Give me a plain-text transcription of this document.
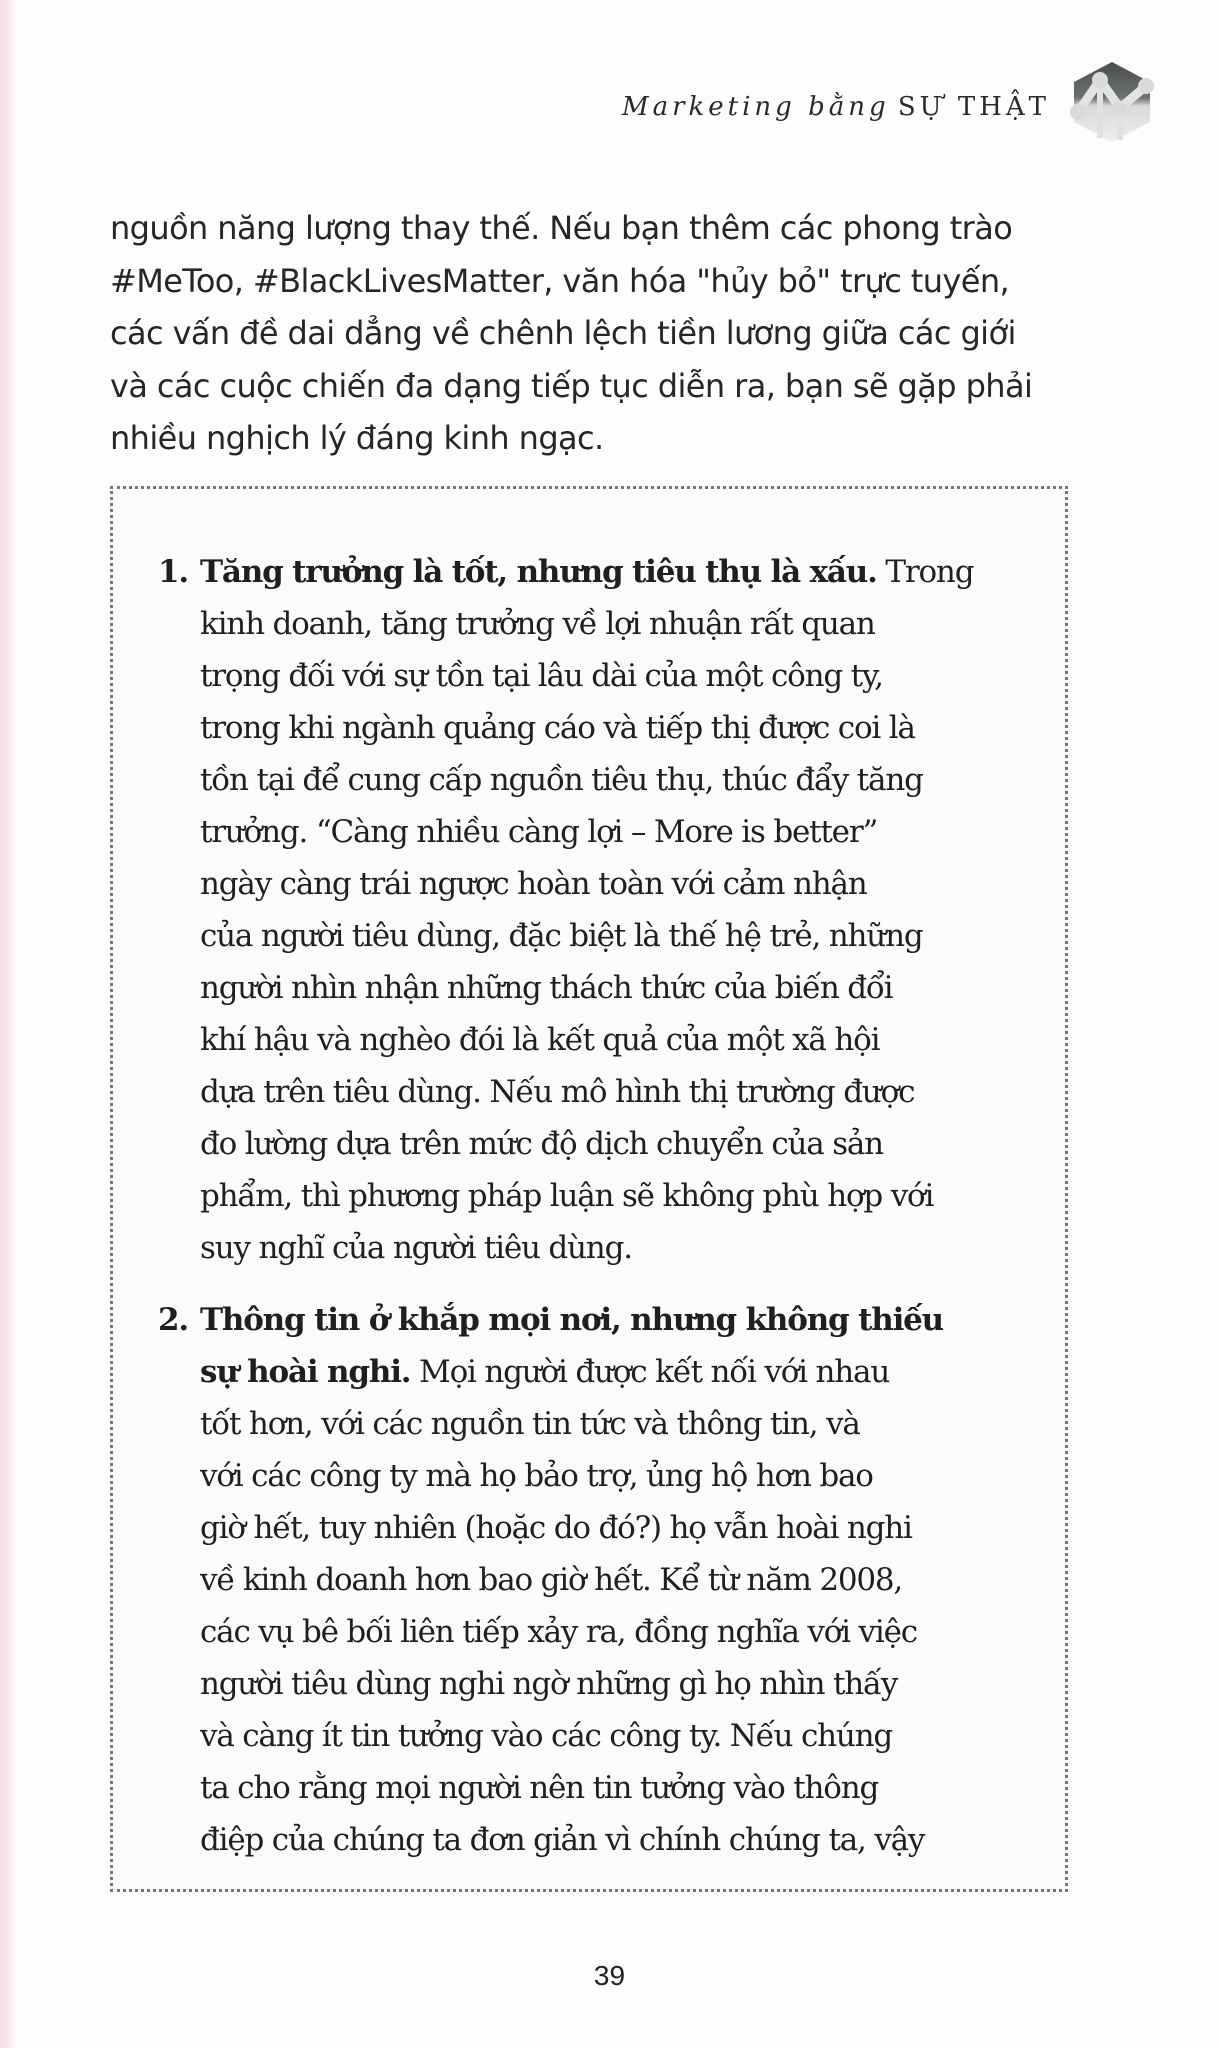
Marketing bằng SỰ THẬT
nguồn năng lượng thay thế. Nếu bạn thêm các phong trào
#MeToo, #BlackLivesMatter, văn hóa "hủy bỏ" trực tuyến,
các vấn đề dai dẳng về chênh lệch tiền lương giữa các giới
và các cuộc chiến đa dạng tiếp tục diễn ra, bạn sẽ gặp phải
nhiều nghịch lý đáng kinh ngạc.
1. Tăng trưởng là tốt, nhưng tiêu thụ là xấu. Trong
kinh doanh, tăng trưởng về lợi nhuận rất quan
trọng đối với sự tồn tại lâu dài của một công ty,
trong khi ngành quảng cáo và tiếp thị được coi là
tồn tại để cung cấp nguồn tiêu thụ, thúc đẩy tăng
trưởng. “Càng nhiều càng lợi – More is better”
ngày càng trái ngược hoàn toàn với cảm nhận
của người tiêu dùng, đặc biệt là thế hệ trẻ, những
người nhìn nhận những thách thức của biến đổi
khí hậu và nghèo đói là kết quả của một xã hội
dựa trên tiêu dùng. Nếu mô hình thị trường được
đo lường dựa trên mức độ dịch chuyển của sản
phẩm, thì phương pháp luận sẽ không phù hợp với
suy nghĩ của người tiêu dùng.
2. Thông tin ở khắp mọi nơi, nhưng không thiếu
sự hoài nghi. Mọi người được kết nối với nhau
tốt hơn, với các nguồn tin tức và thông tin, và
với các công ty mà họ bảo trợ, ủng hộ hơn bao
giờ hết, tuy nhiên (hoặc do đó?) họ vẫn hoài nghi
về kinh doanh hơn bao giờ hết. Kể từ năm 2008,
các vụ bê bối liên tiếp xảy ra, đồng nghĩa với việc
người tiêu dùng nghi ngờ những gì họ nhìn thấy
và càng ít tin tưởng vào các công ty. Nếu chúng
ta cho rằng mọi người nên tin tưởng vào thông
điệp của chúng ta đơn giản vì chính chúng ta, vậy
39
